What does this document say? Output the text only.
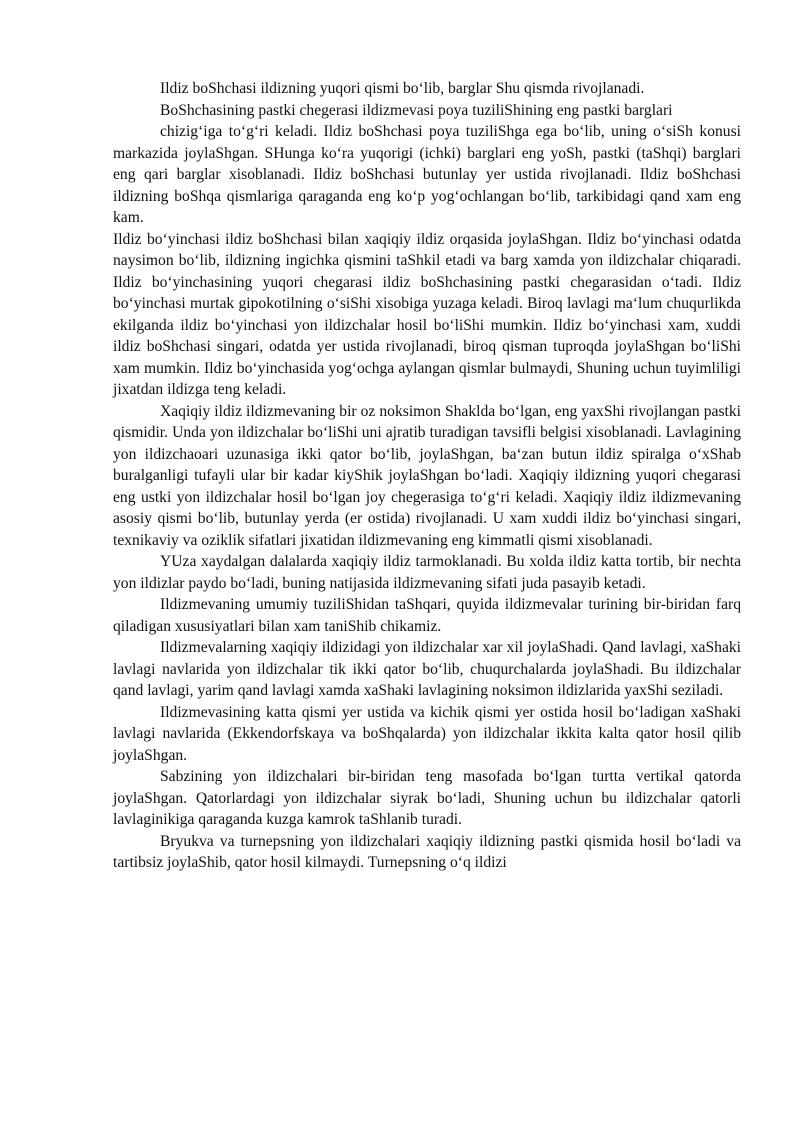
Ildiz boShchasi ildizning yuqori qismi bo‘lib, barglar Shu qismda rivojlanadi.

BoShchasining pastki chegerasi ildizmevasi poya tuziliShining eng pastki barglari

chizig‘iga to‘g‘ri keladi. Ildiz boShchasi poya tuziliShga ega bo‘lib, uning o‘siSh konusi markazida joylaShgan. SHunga ko‘ra yuqorigi (ichki) barglari eng yoSh, pastki (taShqi) barglari eng qari barglar xisoblanadi. Ildiz boShchasi butunlay yer ustida rivojlanadi. Ildiz boShchasi ildizning boShqa qismlariga qaraganda eng ko‘p yog‘ochlangan bo‘lib, tarkibidagi qand xam eng kam.

Ildiz bo‘yinchasi ildiz boShchasi bilan xaqiqiy ildiz orqasida joylaShgan. Ildiz bo‘yinchasi odatda naysimon bo‘lib, ildizning ingichka qismini taShkil etadi va barg xamda yon ildizchalar chiqaradi. Ildiz bo‘yinchasining yuqori chegarasi ildiz boShchasining pastki chegarasidan o‘tadi. Ildiz bo‘yinchasi murtak gipokotilning o‘siShi xisobiga yuzaga keladi. Biroq lavlagi ma‘lum chuqurlikda ekilganda ildiz bo‘yinchasi yon ildizchalar hosil bo‘liShi mumkin. Ildiz bo‘yinchasi xam, xuddi ildiz boShchasi singari, odatda yer ustida rivojlanadi, biroq qisman tuproqda joylaShgan bo‘liShi xam mumkin. Ildiz bo‘yinchasida yog‘ochga aylangan qismlar bulmaydi, Shuning uchun tuyimliligi jixatdan ildizga teng keladi.

Xaqiqiy ildiz ildizmevaning bir oz noksimon Shaklda bo‘lgan, eng yaxShi rivojlangan pastki qismidir. Unda yon ildizchalar bo‘liShi uni ajratib turadigan tavsifli belgisi xisoblanadi. Lavlagining yon ildizchaoari uzunasiga ikki qator bo‘lib, joylaShgan, ba‘zan butun ildiz spiralga o‘xShab buralganligi tufayli ular bir kadar kiyShik joylaShgan bo‘ladi. Xaqiqiy ildizning yuqori chegarasi eng ustki yon ildizchalar hosil bo‘lgan joy chegerasiga to‘g‘ri keladi. Xaqiqiy ildiz ildizmevaning asosiy qismi bo‘lib, butunlay yerda (er ostida) rivojlanadi. U xam xuddi ildiz bo‘yinchasi singari, texnikaviy va oziklik sifatlari jixatidan ildizmevaning eng kimmatli qismi xisoblanadi.

YUza xaydalgan dalalarda xaqiqiy ildiz tarmoklanadi. Bu xolda ildiz katta tortib, bir nechta yon ildizlar paydo bo‘ladi, buning natijasida ildizmevaning sifati juda pasayib ketadi.

Ildizmevaning umumiy tuziliShidan taShqari, quyida ildizmevalar turining bir-biridan farq qiladigan xususiyatlari bilan xam taniShib chikamiz.

Ildizmevalarning xaqiqiy ildizidagi yon ildizchalar xar xil joylaShadi. Qand lavlagi, xaShaki lavlagi navlarida yon ildizchalar tik ikki qator bo‘lib, chuqurchalarda joylaShadi. Bu ildizchalar qand lavlagi, yarim qand lavlagi xamda xaShaki lavlagining noksimon ildizlarida yaxShi seziladi.

Ildizmevasining katta qismi yer ustida va kichik qismi yer ostida hosil bo‘ladigan xaShaki lavlagi navlarida (Ekkendorfskaya va boShqalarda) yon ildizchalar ikkita kalta qator hosil qilib joylaShgan.

Sabzining yon ildizchalari bir-biridan teng masofada bo‘lgan turtta vertikal qatorda joylaShgan. Qatorlardagi yon ildizchalar siyrak bo‘ladi, Shuning uchun bu ildizchalar qatorli lavlaginikiga qaraganda kuzga kamrok taShlanib turadi.

Bryukva va turnepsning yon ildizchalari xaqiqiy ildizning pastki qismida hosil bo‘ladi va tartibsiz joylaShib, qator hosil kilmaydi. Turnepsning o‘q ildizi
